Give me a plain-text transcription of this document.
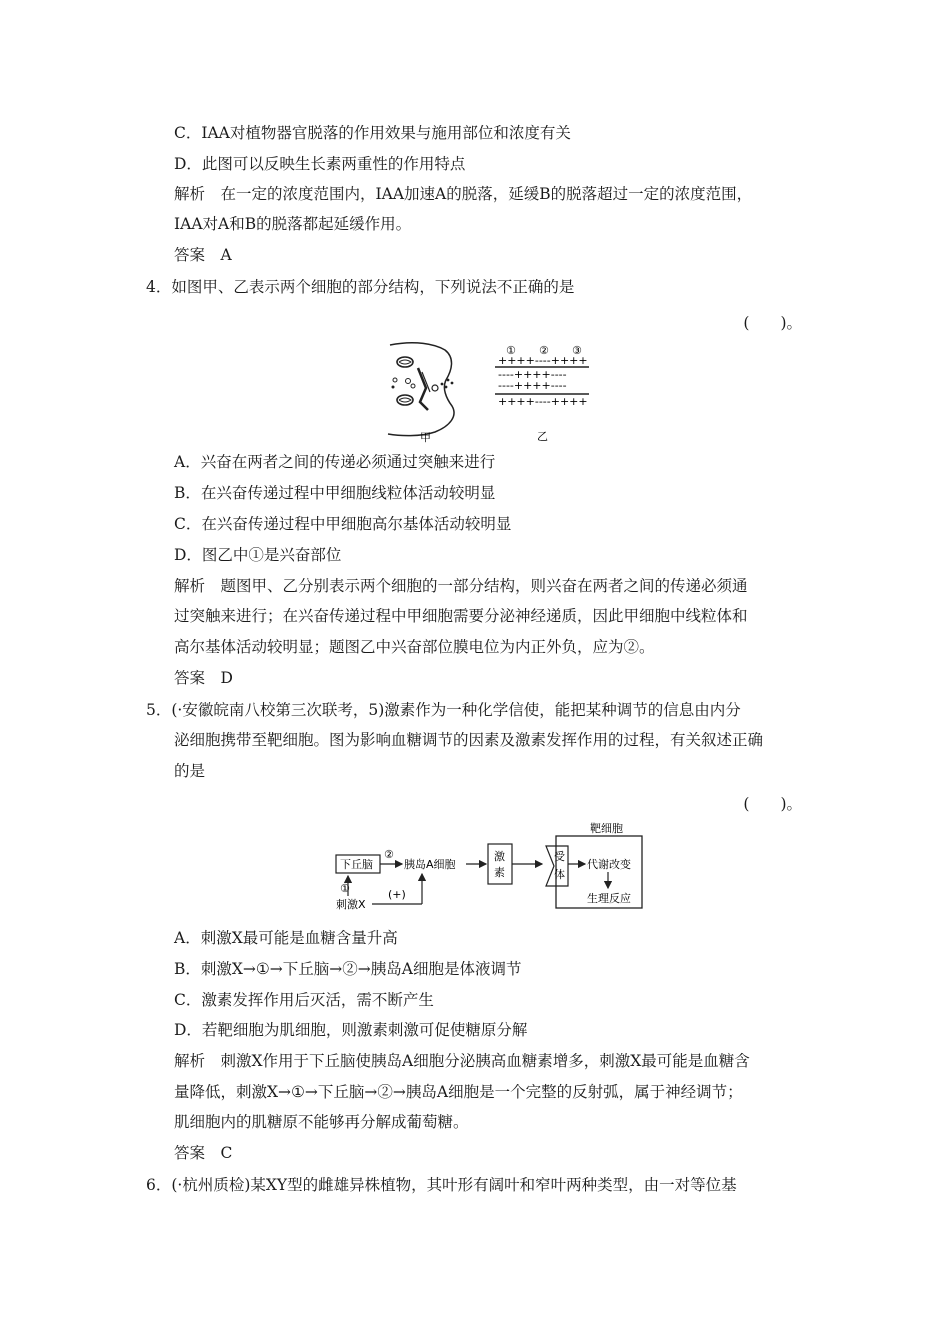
C．IAA对植物器官脱落的作用效果与施用部位和浓度有关
D．此图可以反映生长素两重性的作用特点
解析　在一定的浓度范围内，IAA加速A的脱落，延缓B的脱落超过一定的浓度范围，
IAA对A和B的脱落都起延缓作用。
答案　A
4．如图甲、乙表示两个细胞的部分结构，下列说法不正确的是
(　　)。
甲
① ② ③
++++----++++
----++++----
----++++----
++++----++++
乙
A．兴奋在两者之间的传递必须通过突触来进行
B．在兴奋传递过程中甲细胞线粒体活动较明显
C．在兴奋传递过程中甲细胞高尔基体活动较明显
D．图乙中①是兴奋部位
解析　题图甲、乙分别表示两个细胞的一部分结构，则兴奋在两者之间的传递必须通
过突触来进行；在兴奋传递过程中甲细胞需要分泌神经递质，因此甲细胞中线粒体和
高尔基体活动较明显；题图乙中兴奋部位膜电位为内正外负，应为②。
答案　D
5．(·安徽皖南八校第三次联考，5)激素作为一种化学信使，能把某种调节的信息由内分
泌细胞携带至靶细胞。图为影响血糖调节的因素及激素发挥作用的过程，有关叙述正确
的是
(　　)。
靶细胞
下丘脑
②
胰岛A细胞
激
素
受
体
代谢改变
生理反应
①
刺激X
(+)
A．刺激X最可能是血糖含量升高
B．刺激X→①→下丘脑→②→胰岛A细胞是体液调节
C．激素发挥作用后灭活，需不断产生
D．若靶细胞为肌细胞，则激素刺激可促使糖原分解
解析　刺激X作用于下丘脑使胰岛A细胞分泌胰高血糖素增多，刺激X最可能是血糖含
量降低，刺激X→①→下丘脑→②→胰岛A细胞是一个完整的反射弧，属于神经调节；
肌细胞内的肌糖原不能够再分解成葡萄糖。
答案　C
6．(·杭州质检)某XY型的雌雄异株植物，其叶形有阔叶和窄叶两种类型，由一对等位基
